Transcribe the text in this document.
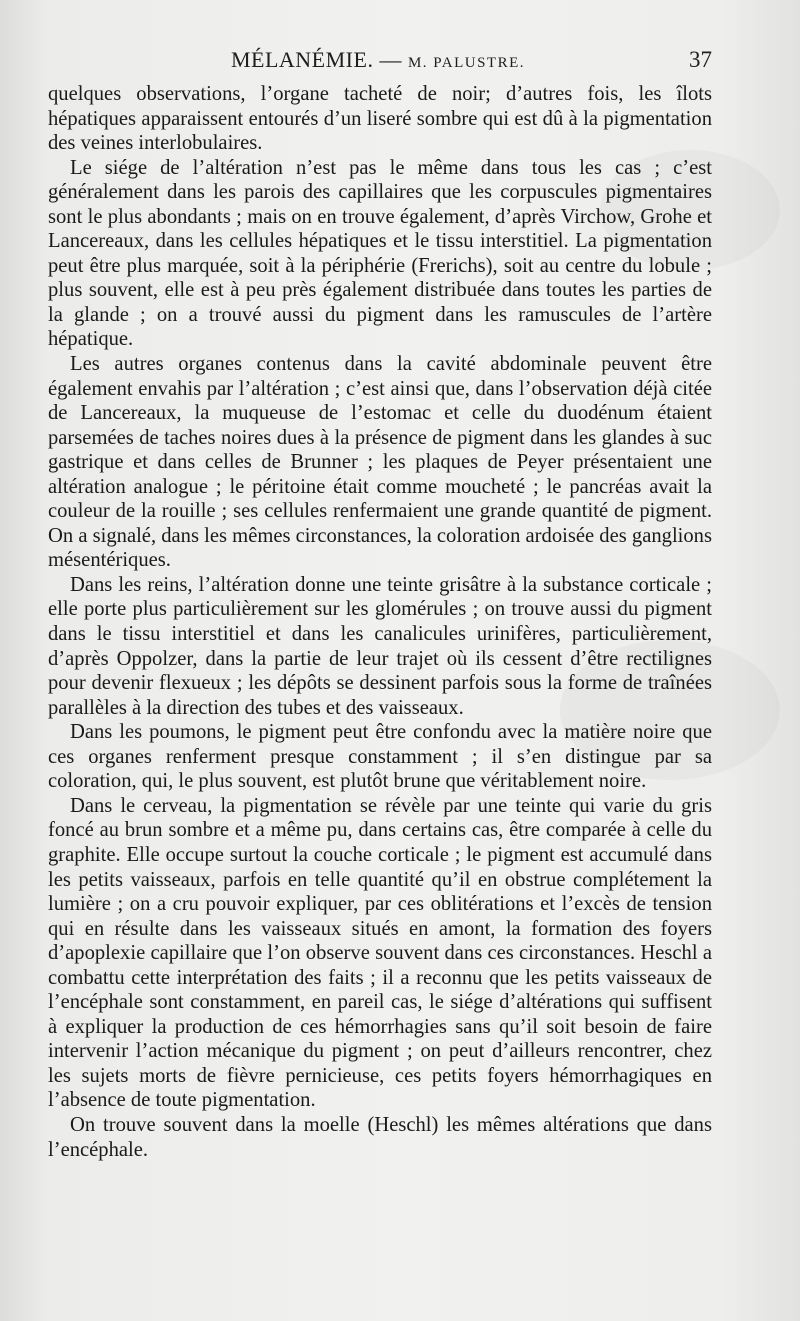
MÉLANÉMIE. — M. PALUSTRE.	37

quelques observations, l’organe tacheté de noir; d’autres fois, les îlots hépatiques apparaissent entourés d’un liseré sombre qui est dû à la pigmentation des veines interlobulaires.

Le siége de l’altération n’est pas le même dans tous les cas ; c’est généralement dans les parois des capillaires que les corpuscules pigmentaires sont le plus abondants ; mais on en trouve également, d’après Virchow, Grohe et Lancereaux, dans les cellules hépatiques et le tissu interstitiel. La pigmentation peut être plus marquée, soit à la périphérie (Frerichs), soit au centre du lobule ; plus souvent, elle est à peu près également distribuée dans toutes les parties de la glande ; on a trouvé aussi du pigment dans les ramuscules de l’artère hépatique.

Les autres organes contenus dans la cavité abdominale peuvent être également envahis par l’altération ; c’est ainsi que, dans l’observation déjà citée de Lancereaux, la muqueuse de l’estomac et celle du duodénum étaient parsemées de taches noires dues à la présence de pigment dans les glandes à suc gastrique et dans celles de Brunner ; les plaques de Peyer présentaient une altération analogue ; le péritoine était comme moucheté ; le pancréas avait la couleur de la rouille ; ses cellules renfermaient une grande quantité de pigment. On a signalé, dans les mêmes circonstances, la coloration ardoisée des ganglions mésentériques.

Dans les reins, l’altération donne une teinte grisâtre à la substance corticale ; elle porte plus particulièrement sur les glomérules ; on trouve aussi du pigment dans le tissu interstitiel et dans les canalicules urinifères, particulièrement, d’après Oppolzer, dans la partie de leur trajet où ils cessent d’être rectilignes pour devenir flexueux ; les dépôts se dessinent parfois sous la forme de traînées parallèles à la direction des tubes et des vaisseaux.

Dans les poumons, le pigment peut être confondu avec la matière noire que ces organes renferment presque constamment ; il s’en distingue par sa coloration, qui, le plus souvent, est plutôt brune que véritablement noire.

Dans le cerveau, la pigmentation se révèle par une teinte qui varie du gris foncé au brun sombre et a même pu, dans certains cas, être comparée à celle du graphite. Elle occupe surtout la couche corticale ; le pigment est accumulé dans les petits vaisseaux, parfois en telle quantité qu’il en obstrue complétement la lumière ; on a cru pouvoir expliquer, par ces oblitérations et l’excès de tension qui en résulte dans les vaisseaux situés en amont, la formation des foyers d’apoplexie capillaire que l’on observe souvent dans ces circonstances. Heschl a combattu cette interprétation des faits ; il a reconnu que les petits vaisseaux de l’encéphale sont constamment, en pareil cas, le siége d’altérations qui suffisent à expliquer la production de ces hémorrhagies sans qu’il soit besoin de faire intervenir l’action mécanique du pigment ; on peut d’ailleurs rencontrer, chez les sujets morts de fièvre pernicieuse, ces petits foyers hémorrhagiques en l’absence de toute pigmentation.

On trouve souvent dans la moelle (Heschl) les mêmes altérations que dans l’encéphale.
